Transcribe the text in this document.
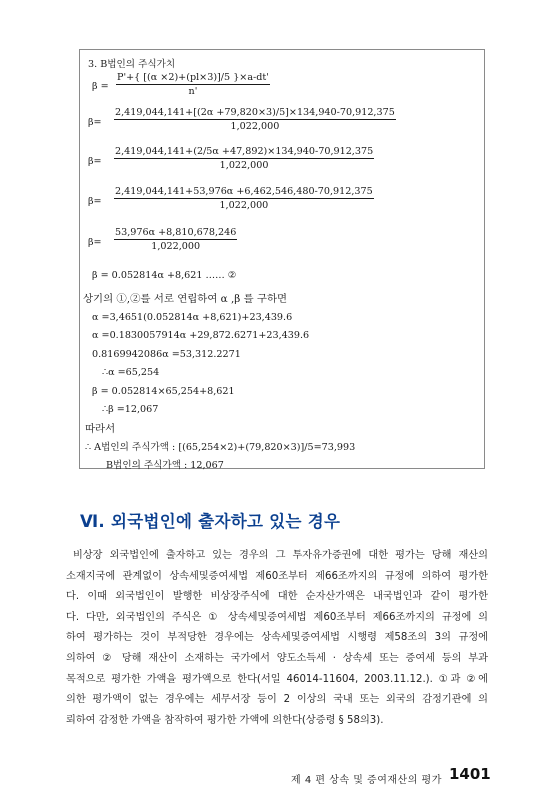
3. B법인의 주식가치
$\beta = \frac{P'+\{ [(\alpha \times 2)+(pl\times 3)]/5 \}\times a-dt'}{n'}$
$\beta= \frac{2,419,044,141+[(2\alpha +79,820\times 3)/5]\times 134,940-70,912,375}{1,022,000}$
$\beta= \frac{2,419,044,141+(2/5\alpha +47,892)\times 134,940-70,912,375}{1,022,000}$
$\beta= \frac{2,419,044,141+53,976\alpha +6,462,546,480-70,912,375}{1,022,000}$
$\beta= \frac{53,976\alpha +8,810,678,246}{1,022,000}$
β = 0.052814α +8,621 …… ②
상기의 ①,②를 서로 연립하여 α ,β 를 구하면
α =3,4651(0.052814α +8,621)+23,439.6
α =0.1830057914α +29,872.6271+23,439.6
0.8169942086α =53,312.2271
∴α =65,254
β = 0.052814×65,254+8,621
∴β =12,067
따라서
∴ A법인의 주식가액 : [(65,254×2)+(79,820×3)]/5=73,993
B법인의 주식가액 : 12,067
Ⅵ. 외국법인에 출자하고 있는 경우
비상장 외국법인에 출자하고 있는 경우의 그 투자유가증권에 대한 평가는 당해 재산의
소재지국에 관계없이 상속세및증여세법 제60조부터 제66조까지의 규정에 의하여 평가한
다. 이때 외국법인이 발행한 비상장주식에 대한 순자산가액은 내국법인과 같이 평가한
다. 다만, 외국법인의 주식은 ① 상속세및증여세법 제60조부터 제66조까지의 규정에 의
하여 평가하는 것이 부적당한 경우에는 상속세및증여세법 시행령 제58조의 3의 규정에
의하여 ② 당해 재산이 소재하는 국가에서 양도소득세 · 상속세 또는 증여세 등의 부과
목적으로 평가한 가액을 평가액으로 한다(서일 46014-11604, 2003.11.12.). ①과 ②에
의한 평가액이 없는 경우에는 세무서장 등이 2 이상의 국내 또는 외국의 감정기관에 의
뢰하여 감정한 가액을 참작하여 평가한 가액에 의한다(상증령 § 58의3).
제 4 편 상속 및 증여재산의 평가 1401
